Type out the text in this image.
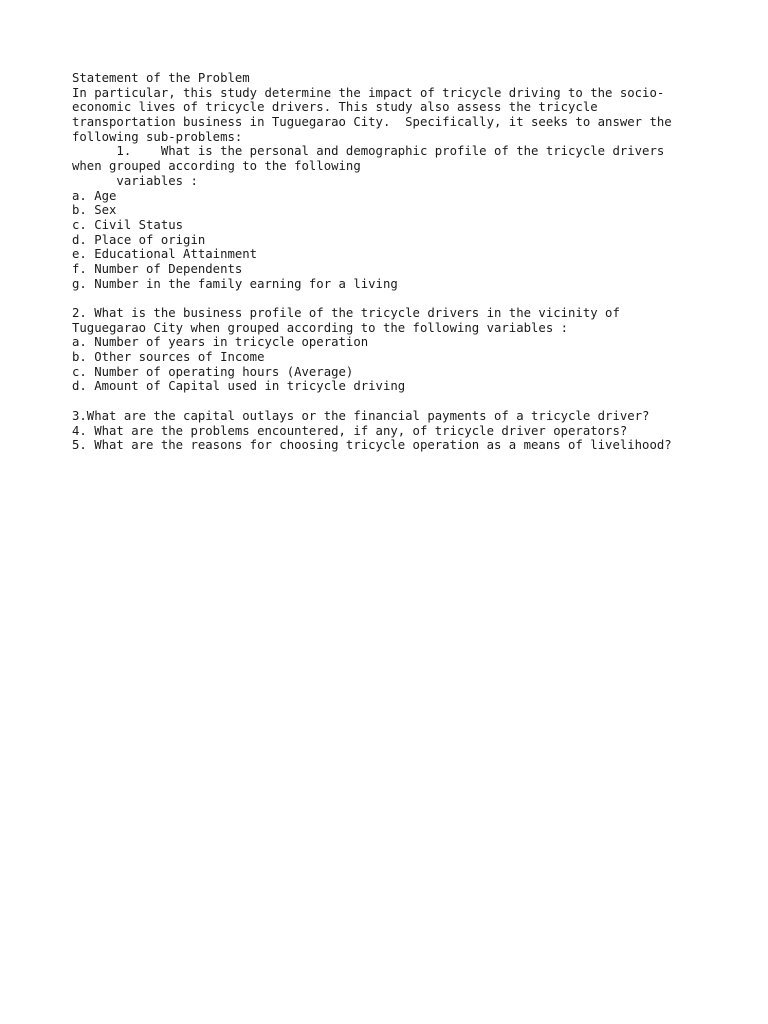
Statement of the Problem
In particular, this study determine the impact of tricycle driving to the socio-
economic lives of tricycle drivers. This study also assess the tricycle
transportation business in Tuguegarao City.  Specifically, it seeks to answer the
following sub-problems:
1.    What is the personal and demographic profile of the tricycle drivers
when grouped according to the following
variables :
a. Age
b. Sex
c. Civil Status
d. Place of origin
e. Educational Attainment
f. Number of Dependents
g. Number in the family earning for a living
2. What is the business profile of the tricycle drivers in the vicinity of
Tuguegarao City when grouped according to the following variables :
a. Number of years in tricycle operation
b. Other sources of Income
c. Number of operating hours (Average)
d. Amount of Capital used in tricycle driving
3.What are the capital outlays or the financial payments of a tricycle driver?
4. What are the problems encountered, if any, of tricycle driver operators?
5. What are the reasons for choosing tricycle operation as a means of livelihood?
